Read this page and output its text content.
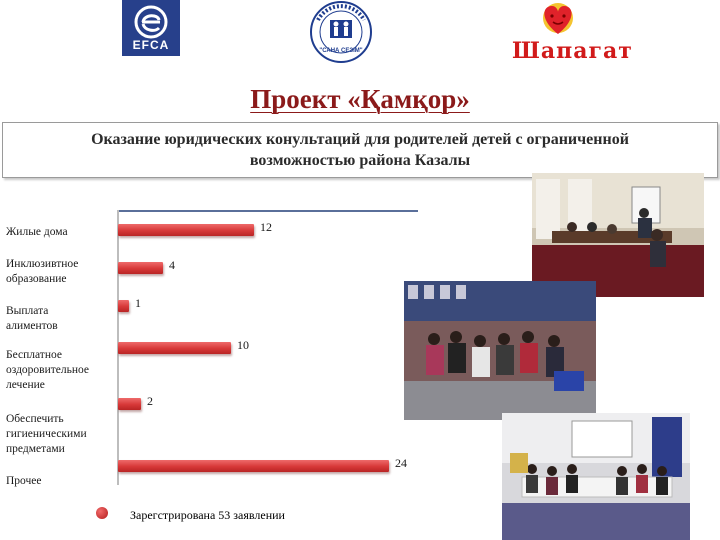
EFCA	"САНА СЕЗIМ"	Шапагат
Проект «Қамқор»
Оказание юридических конультаций для родителей детей с ограниченной
возможностью района Казалы
Жилые дома
Инклюзивтное
образование
Выплата
алиментов
Бесплатное
оздоровительное
лечение
Обеспечить
гигиеническими
предметами
Прочее
12
4
1
10
2
24
Зарегстрирована 53 заявлении
